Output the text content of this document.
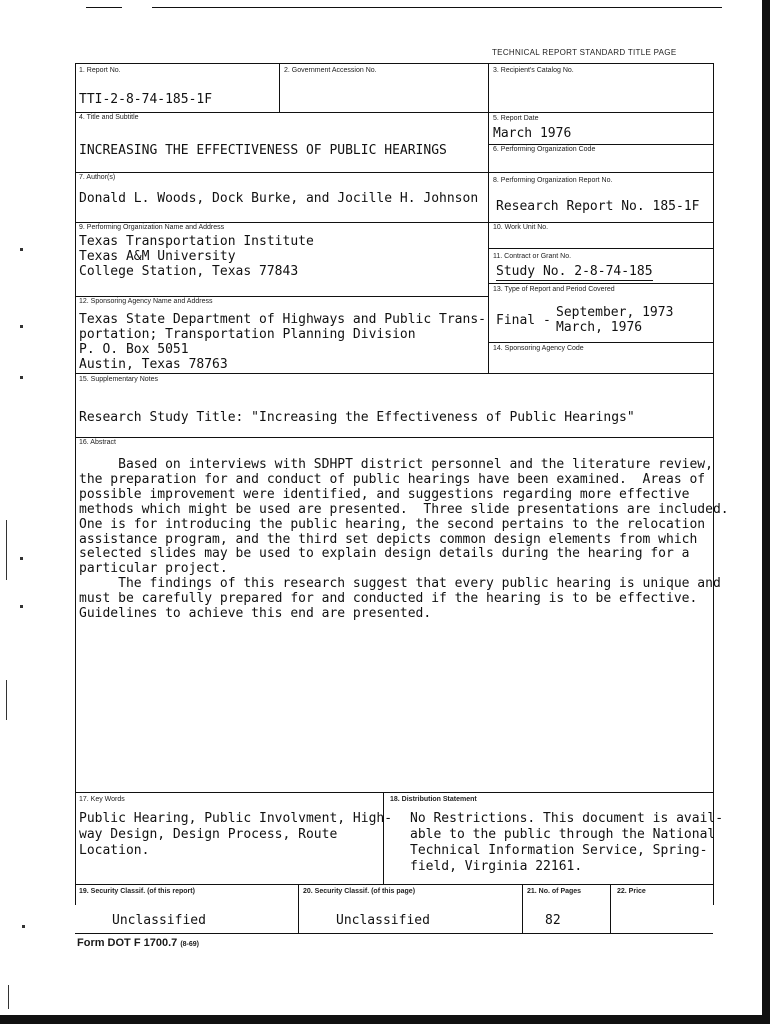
TECHNICAL REPORT STANDARD TITLE PAGE
1. Report No.
TTI-2-8-74-185-1F
2. Government Accession No.	3. Recipient's Catalog No.
4. Title and Subtitle
INCREASING THE EFFECTIVENESS OF PUBLIC HEARINGS
5. Report Date
March 1976
6. Performing Organization Code
7. Author(s)
Donald L. Woods, Dock Burke, and Jocille H. Johnson
8. Performing Organization Report No.
Research Report No. 185-1F
9. Performing Organization Name and Address
Texas Transportation Institute
Texas A&M University
College Station, Texas 77843
10. Work Unit No.
11. Contract or Grant No.
Study No. 2-8-74-185
13. Type of Report and Period Covered
Final -
September, 1973
March, 1976
12. Sponsoring Agency Name and Address
Texas State Department of Highways and Public Trans-
portation; Transportation Planning Division
P. O. Box 5051
Austin, Texas 78763
14. Sponsoring Agency Code
15. Supplementary Notes
Research Study Title: "Increasing the Effectiveness of Public Hearings"
16. Abstract
Based on interviews with SDHPT district personnel and the literature review,
the preparation for and conduct of public hearings have been examined.  Areas of
possible improvement were identified, and suggestions regarding more effective
methods which might be used are presented.  Three slide presentations are included.
One is for introducing the public hearing, the second pertains to the relocation
assistance program, and the third set depicts common design elements from which
selected slides may be used to explain design details during the hearing for a
particular project.
The findings of this research suggest that every public hearing is unique and
must be carefully prepared for and conducted if the hearing is to be effective.
Guidelines to achieve this end are presented.
17. Key Words
Public Hearing, Public Involvment, High-
way Design, Design Process, Route
Location.
18. Distribution Statement
No Restrictions. This document is avail-
able to the public through the National
Technical Information Service, Spring-
field, Virginia 22161.
19. Security Classif. (of this report)
Unclassified
20. Security Classif. (of this page)
Unclassified
21. No. of Pages
82
22. Price
Form DOT F 1700.7 (8-69)
